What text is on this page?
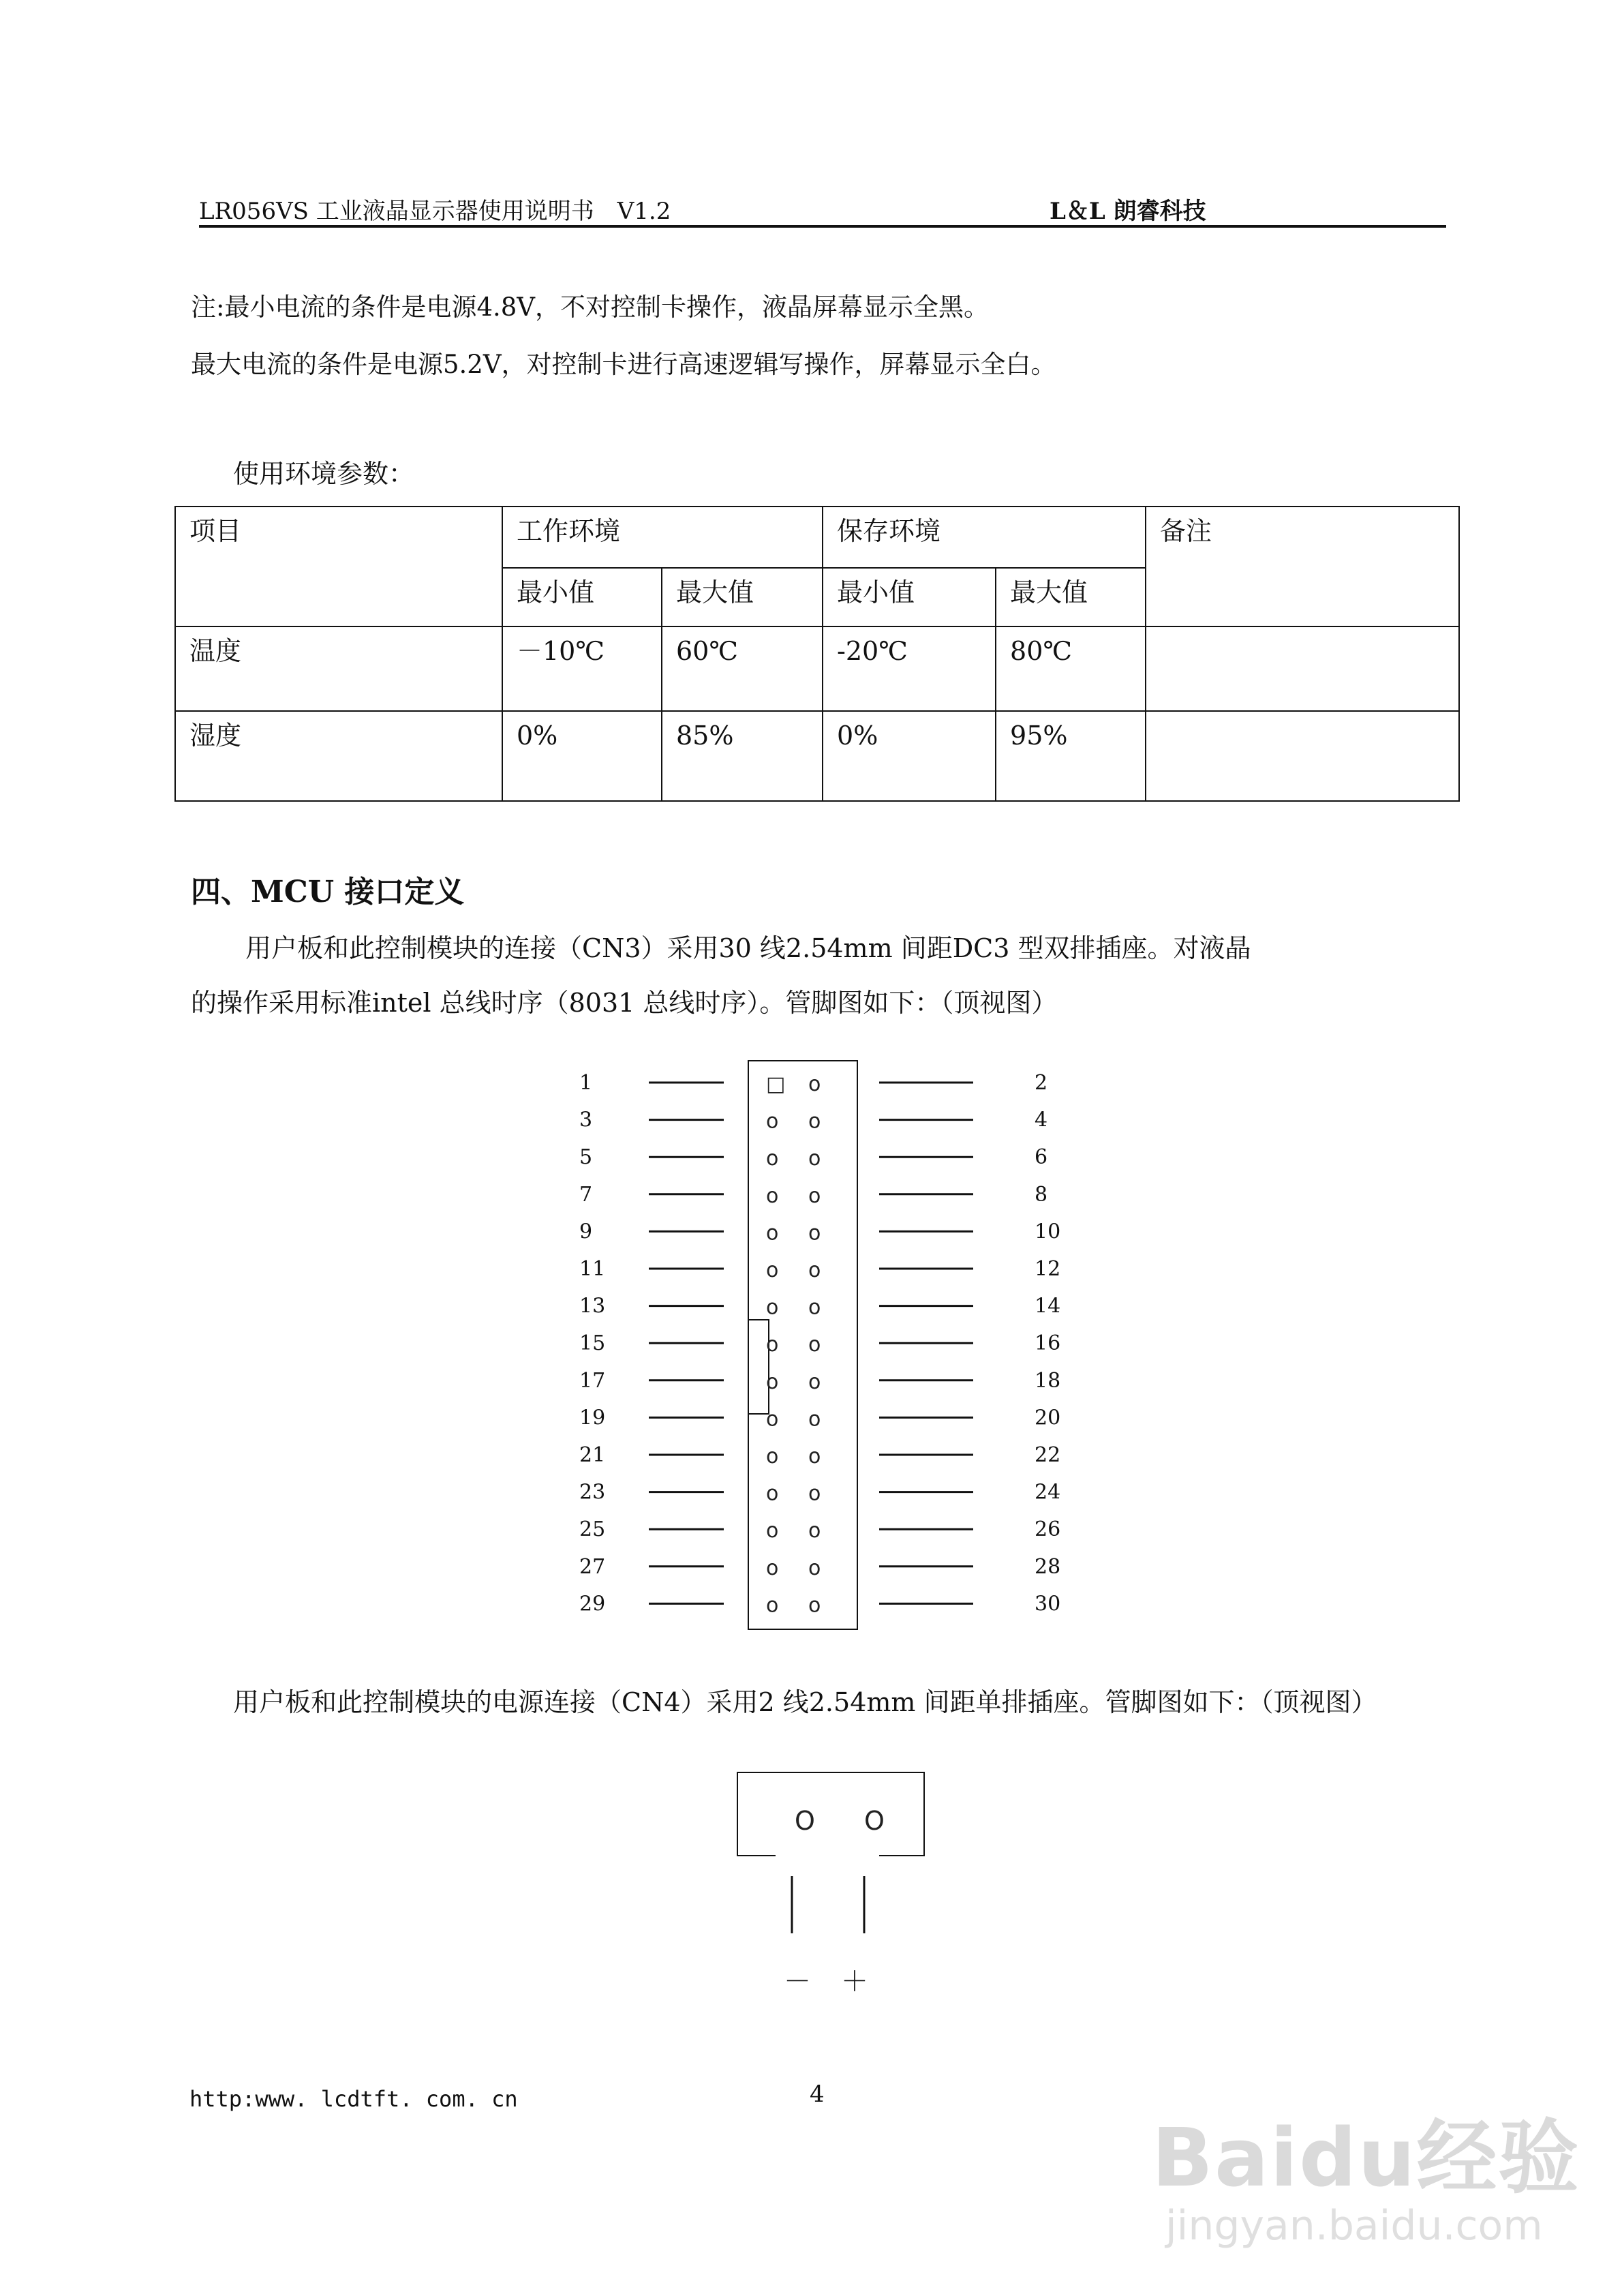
LR056VS 工业液晶显示器使用说明书　V1.2	L＆L 朗睿科技
注:最小电流的条件是电源4.8V，不对控制卡操作，液晶屏幕显示全黑。
最大电流的条件是电源5.2V，对控制卡进行高速逻辑写操作，屏幕显示全白。
使用环境参数：
项目	工作环境		保存环境		备注
	最小值	最大值	最小值	最大值	
温度	－10℃	60℃	-20℃	80℃	
湿度	0%	85%	0%	95%	
四、MCU 接口定义
用户板和此控制模块的连接（CN3）采用30 线2.54mm 间距DC3 型双排插座。对液晶
的操作采用标准intel 总线时序（8031 总线时序）。管脚图如下：（顶视图）
1	□ o
3	o o
5	o o
7	o o
9	o o
11	o o
13	o o
15	o o
17	o o
19	o o
21	o o
23	o o
25	o o
27	o o
29	o o
2
4
6
8
10
12
14
16
18
20
22
24
26
28
30
O O
－ ＋
用户板和此控制模块的电源连接（CN4）采用2 线2.54mm 间距单排插座。管脚图如下：（顶视图）
http:www. lcdtft. com. cn	4
Baidu经验
jingyan.baidu.com
